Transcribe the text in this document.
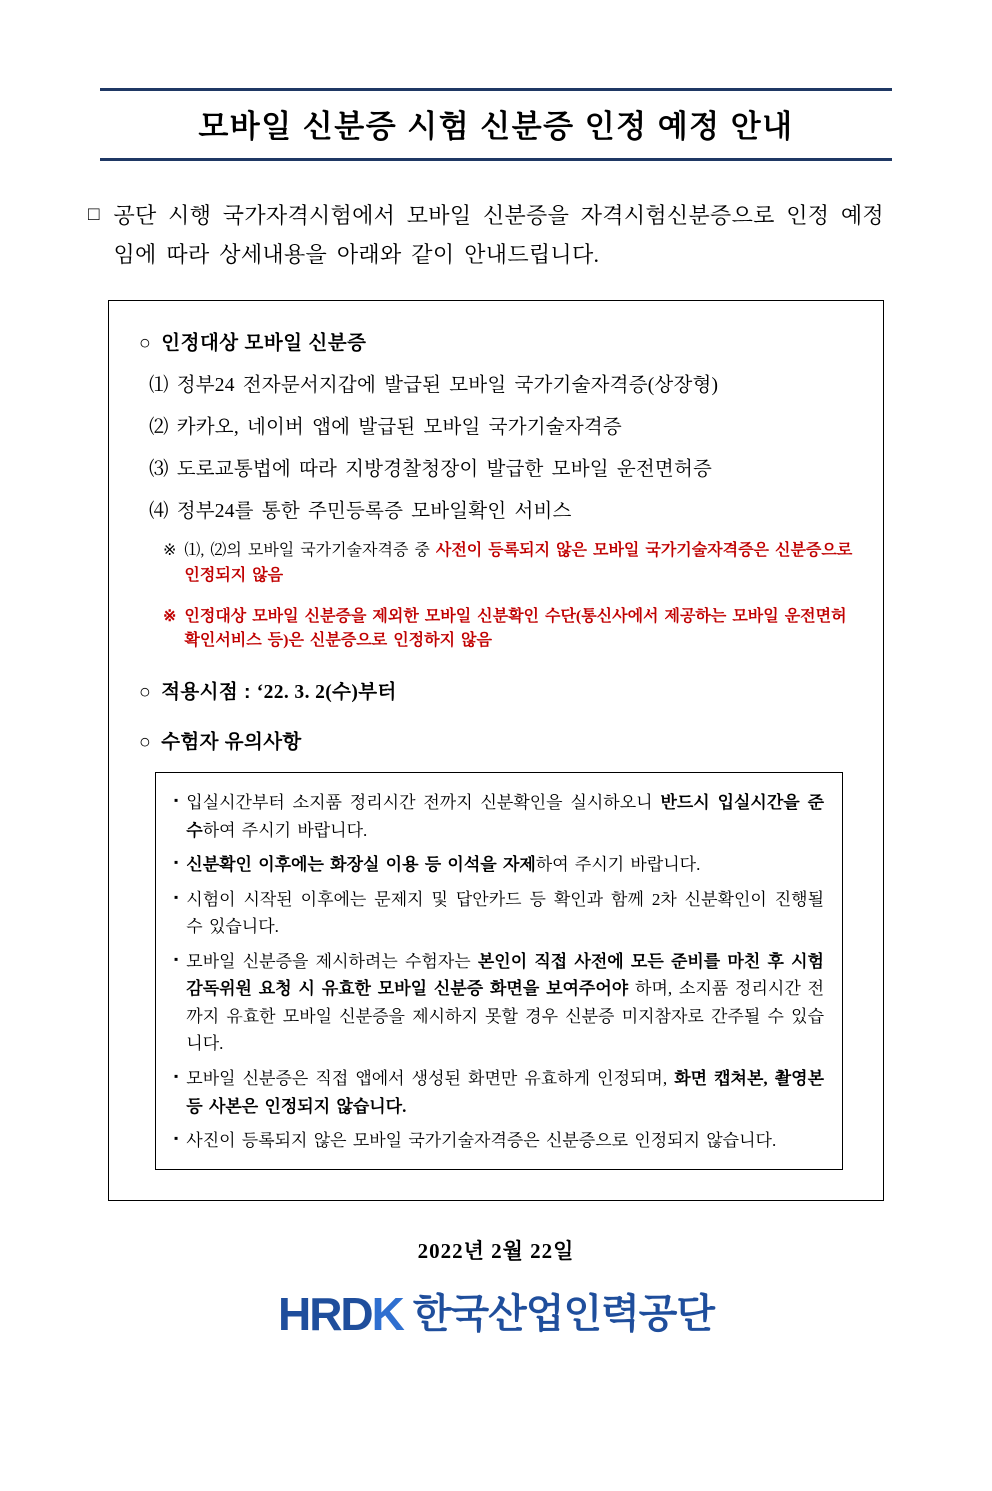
모바일 신분증 시험 신분증 인정 예정 안내
□ 공단 시행 국가자격시험에서 모바일 신분증을 자격시험신분증으로 인정 예정임에 따라 상세내용을 아래와 같이 안내드립니다.
○ 인정대상 모바일 신분증
⑴ 정부24 전자문서지갑에 발급된 모바일 국가기술자격증(상장형)
⑵ 카카오, 네이버 앱에 발급된 모바일 국가기술자격증
⑶ 도로교통법에 따라 지방경찰청장이 발급한 모바일 운전면허증
⑷ 정부24를 통한 주민등록증 모바일확인 서비스
※ ⑴, ⑵의 모바일 국가기술자격증 중 사전이 등록되지 않은 모바일 국가기술자격증은 신분증으로 인정되지 않음
※ 인정대상 모바일 신분증을 제외한 모바일 신분확인 수단(통신사에서 제공하는 모바일 운전면허 확인서비스 등)은 신분증으로 인정하지 않음
○ 적용시점 : ‘22. 3. 2(수)부터
○ 수험자 유의사항
▪ 입실시간부터 소지품 정리시간 전까지 신분확인을 실시하오니 반드시 입실시간을 준수하여 주시기 바랍니다.
▪ 신분확인 이후에는 화장실 이용 등 이석을 자제하여 주시기 바랍니다.
▪ 시험이 시작된 이후에는 문제지 및 답안카드 등 확인과 함께 2차 신분확인이 진행될 수 있습니다.
▪ 모바일 신분증을 제시하려는 수험자는 본인이 직접 사전에 모든 준비를 마친 후 시험감독위원 요청 시 유효한 모바일 신분증 화면을 보여주어야 하며, 소지품 정리시간 전까지 유효한 모바일 신분증을 제시하지 못할 경우 신분증 미지참자로 간주될 수 있습니다.
▪ 모바일 신분증은 직접 앱에서 생성된 화면만 유효하게 인정되며, 화면 캡쳐본, 촬영본 등 사본은 인정되지 않습니다.
▪ 사진이 등록되지 않은 모바일 국가기술자격증은 신분증으로 인정되지 않습니다.
2022년 2월 22일
HRDK 한국산업인력공단
